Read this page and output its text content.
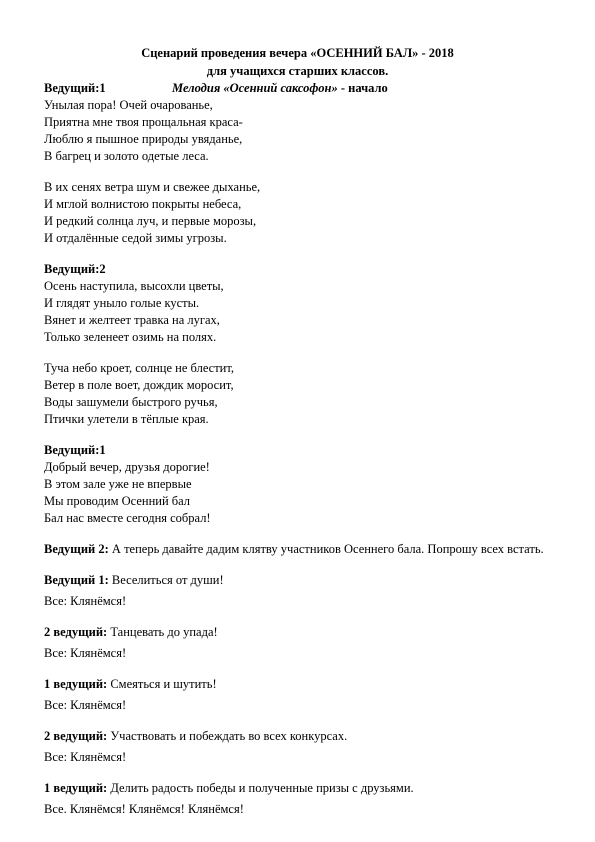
Сценарий проведения вечера «ОСЕННИЙ БАЛ» - 2018
для учащихся старших классов.
Ведущий:1	Мелодия «Осенний саксофон» - начало
Унылая пора! Очей очарованье,
Приятна мне твоя прощальная краса-
Люблю я пышное природы увяданье,
В багрец и золото одетые леса.
В их сенях ветра шум и свежее дыханье,
И мглой волнистою покрыты небеса,
И редкий солнца луч, и первые морозы,
И отдалённые седой зимы угрозы.
Ведущий:2
Осень наступила, высохли цветы,
И глядят уныло голые кусты.
Вянет и желтеет травка на лугах,
Только зеленеет озимь на полях.
Туча небо кроет, солнце не блестит,
Ветер в поле воет, дождик моросит,
Воды зашумели быстрого ручья,
Птички улетели в тёплые края.
Ведущий:1
Добрый вечер, друзья дорогие!
В этом зале уже не впервые
Мы проводим Осенний бал
Бал нас вместе сегодня собрал!
Ведущий 2: А теперь давайте дадим клятву участников Осеннего бала. Попрошу всех встать.
Ведущий 1: Веселиться от души!
Все: Клянёмся!
2 ведущий: Танцевать до упада!
Все: Клянёмся!
1 ведущий: Смеяться и шутить!
Все: Клянёмся!
2 ведущий: Участвовать и побеждать во всех конкурсах.
Все: Клянёмся!
1 ведущий: Делить радость победы и полученные призы с друзьями.
Все. Клянёмся! Клянёмся! Клянёмся!
